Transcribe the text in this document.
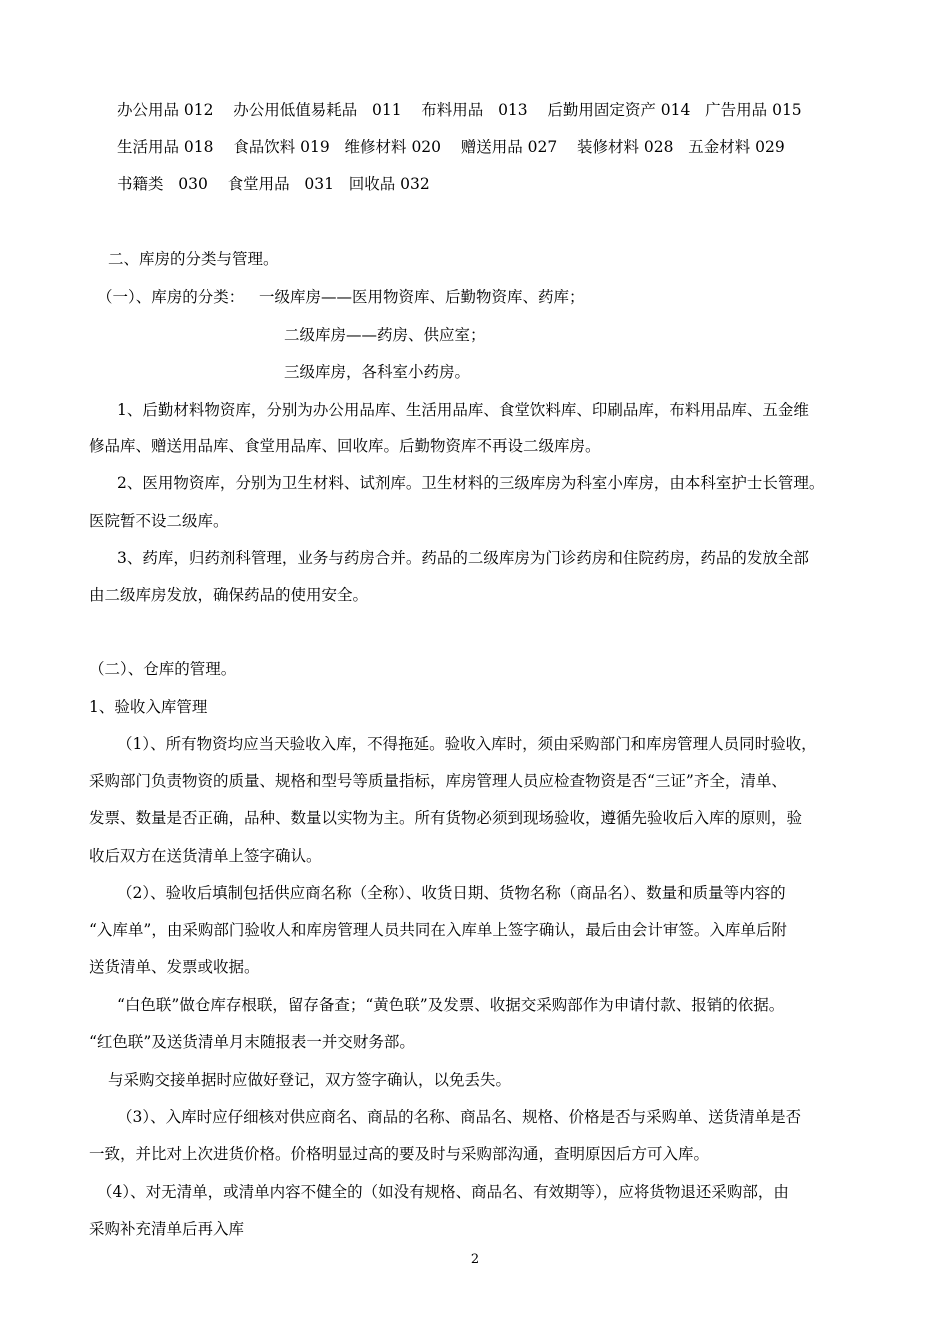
办公用品 012    办公用低值易耗品   011    布料用品   013    后勤用固定资产 014   广告用品 015
生活用品 018    食品饮料 019   维修材料 020    赠送用品 027    装修材料 028   五金材料 029
书籍类   030    食堂用品   031   回收品 032
二、库房的分类与管理。
（一）、库房的分类：   一级库房——医用物资库、后勤物资库、药库；
二级库房——药房、供应室；
三级库房，各科室小药房。
1、后勤材料物资库，分别为办公用品库、生活用品库、食堂饮料库、印刷品库，布料用品库、五金维
修品库、赠送用品库、食堂用品库、回收库。后勤物资库不再设二级库房。
2、医用物资库，分别为卫生材料、试剂库。卫生材料的三级库房为科室小库房，由本科室护士长管理。
医院暂不设二级库。
3、药库，归药剂科管理，业务与药房合并。药品的二级库房为门诊药房和住院药房，药品的发放全部
由二级库房发放，确保药品的使用安全。
（二）、仓库的管理。
1、验收入库管理
（1）、所有物资均应当天验收入库，不得拖延。验收入库时，须由采购部门和库房管理人员同时验收，
采购部门负责物资的质量、规格和型号等质量指标，库房管理人员应检查物资是否“三证”齐全，清单、
发票、数量是否正确，品种、数量以实物为主。所有货物必须到现场验收，遵循先验收后入库的原则，验
收后双方在送货清单上签字确认。
（2）、验收后填制包括供应商名称（全称）、收货日期、货物名称（商品名）、数量和质量等内容的
“入库单”，由采购部门验收人和库房管理人员共同在入库单上签字确认，最后由会计审签。入库单后附
送货清单、发票或收据。
“白色联”做仓库存根联，留存备查；“黄色联”及发票、收据交采购部作为申请付款、报销的依据。
“红色联”及送货清单月末随报表一并交财务部。
与采购交接单据时应做好登记，双方签字确认，以免丢失。
（3）、入库时应仔细核对供应商名、商品的名称、商品名、规格、价格是否与采购单、送货清单是否
一致，并比对上次进货价格。价格明显过高的要及时与采购部沟通，查明原因后方可入库。
（4）、对无清单，或清单内容不健全的（如没有规格、商品名、有效期等），应将货物退还采购部，由
采购补充清单后再入库
2
